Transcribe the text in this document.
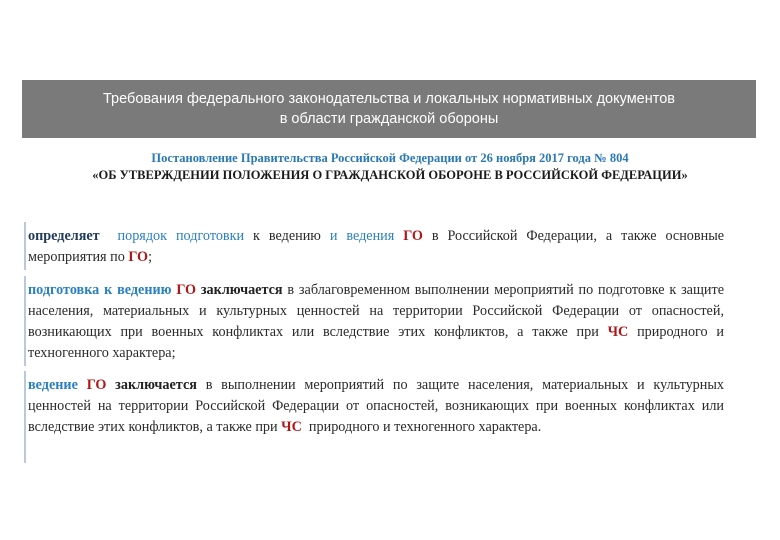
Требования федерального законодательства и локальных нормативных документов
в области гражданской обороны
Постановление Правительства Российской Федерации от 26 ноября 2017 года № 804
«ОБ УТВЕРЖДЕНИИ ПОЛОЖЕНИЯ О ГРАЖДАНСКОЙ ОБОРОНЕ В РОССИЙСКОЙ ФЕДЕРАЦИИ»
определяет порядок подготовки к ведению и ведения ГО в Российской Федерации, а также основные мероприятия по ГО;
подготовка к ведению ГО заключается в заблаговременном выполнении мероприятий по подготовке к защите населения, материальных и культурных ценностей на территории Российской Федерации от опасностей, возникающих при военных конфликтах или вследствие этих конфликтов, а также при ЧС природного и техногенного характера;
ведение ГО заключается в выполнении мероприятий по защите населения, материальных и культурных ценностей на территории Российской Федерации от опасностей, возникающих при военных конфликтах или вследствие этих конфликтов, а также при ЧС  природного и техногенного характера.
